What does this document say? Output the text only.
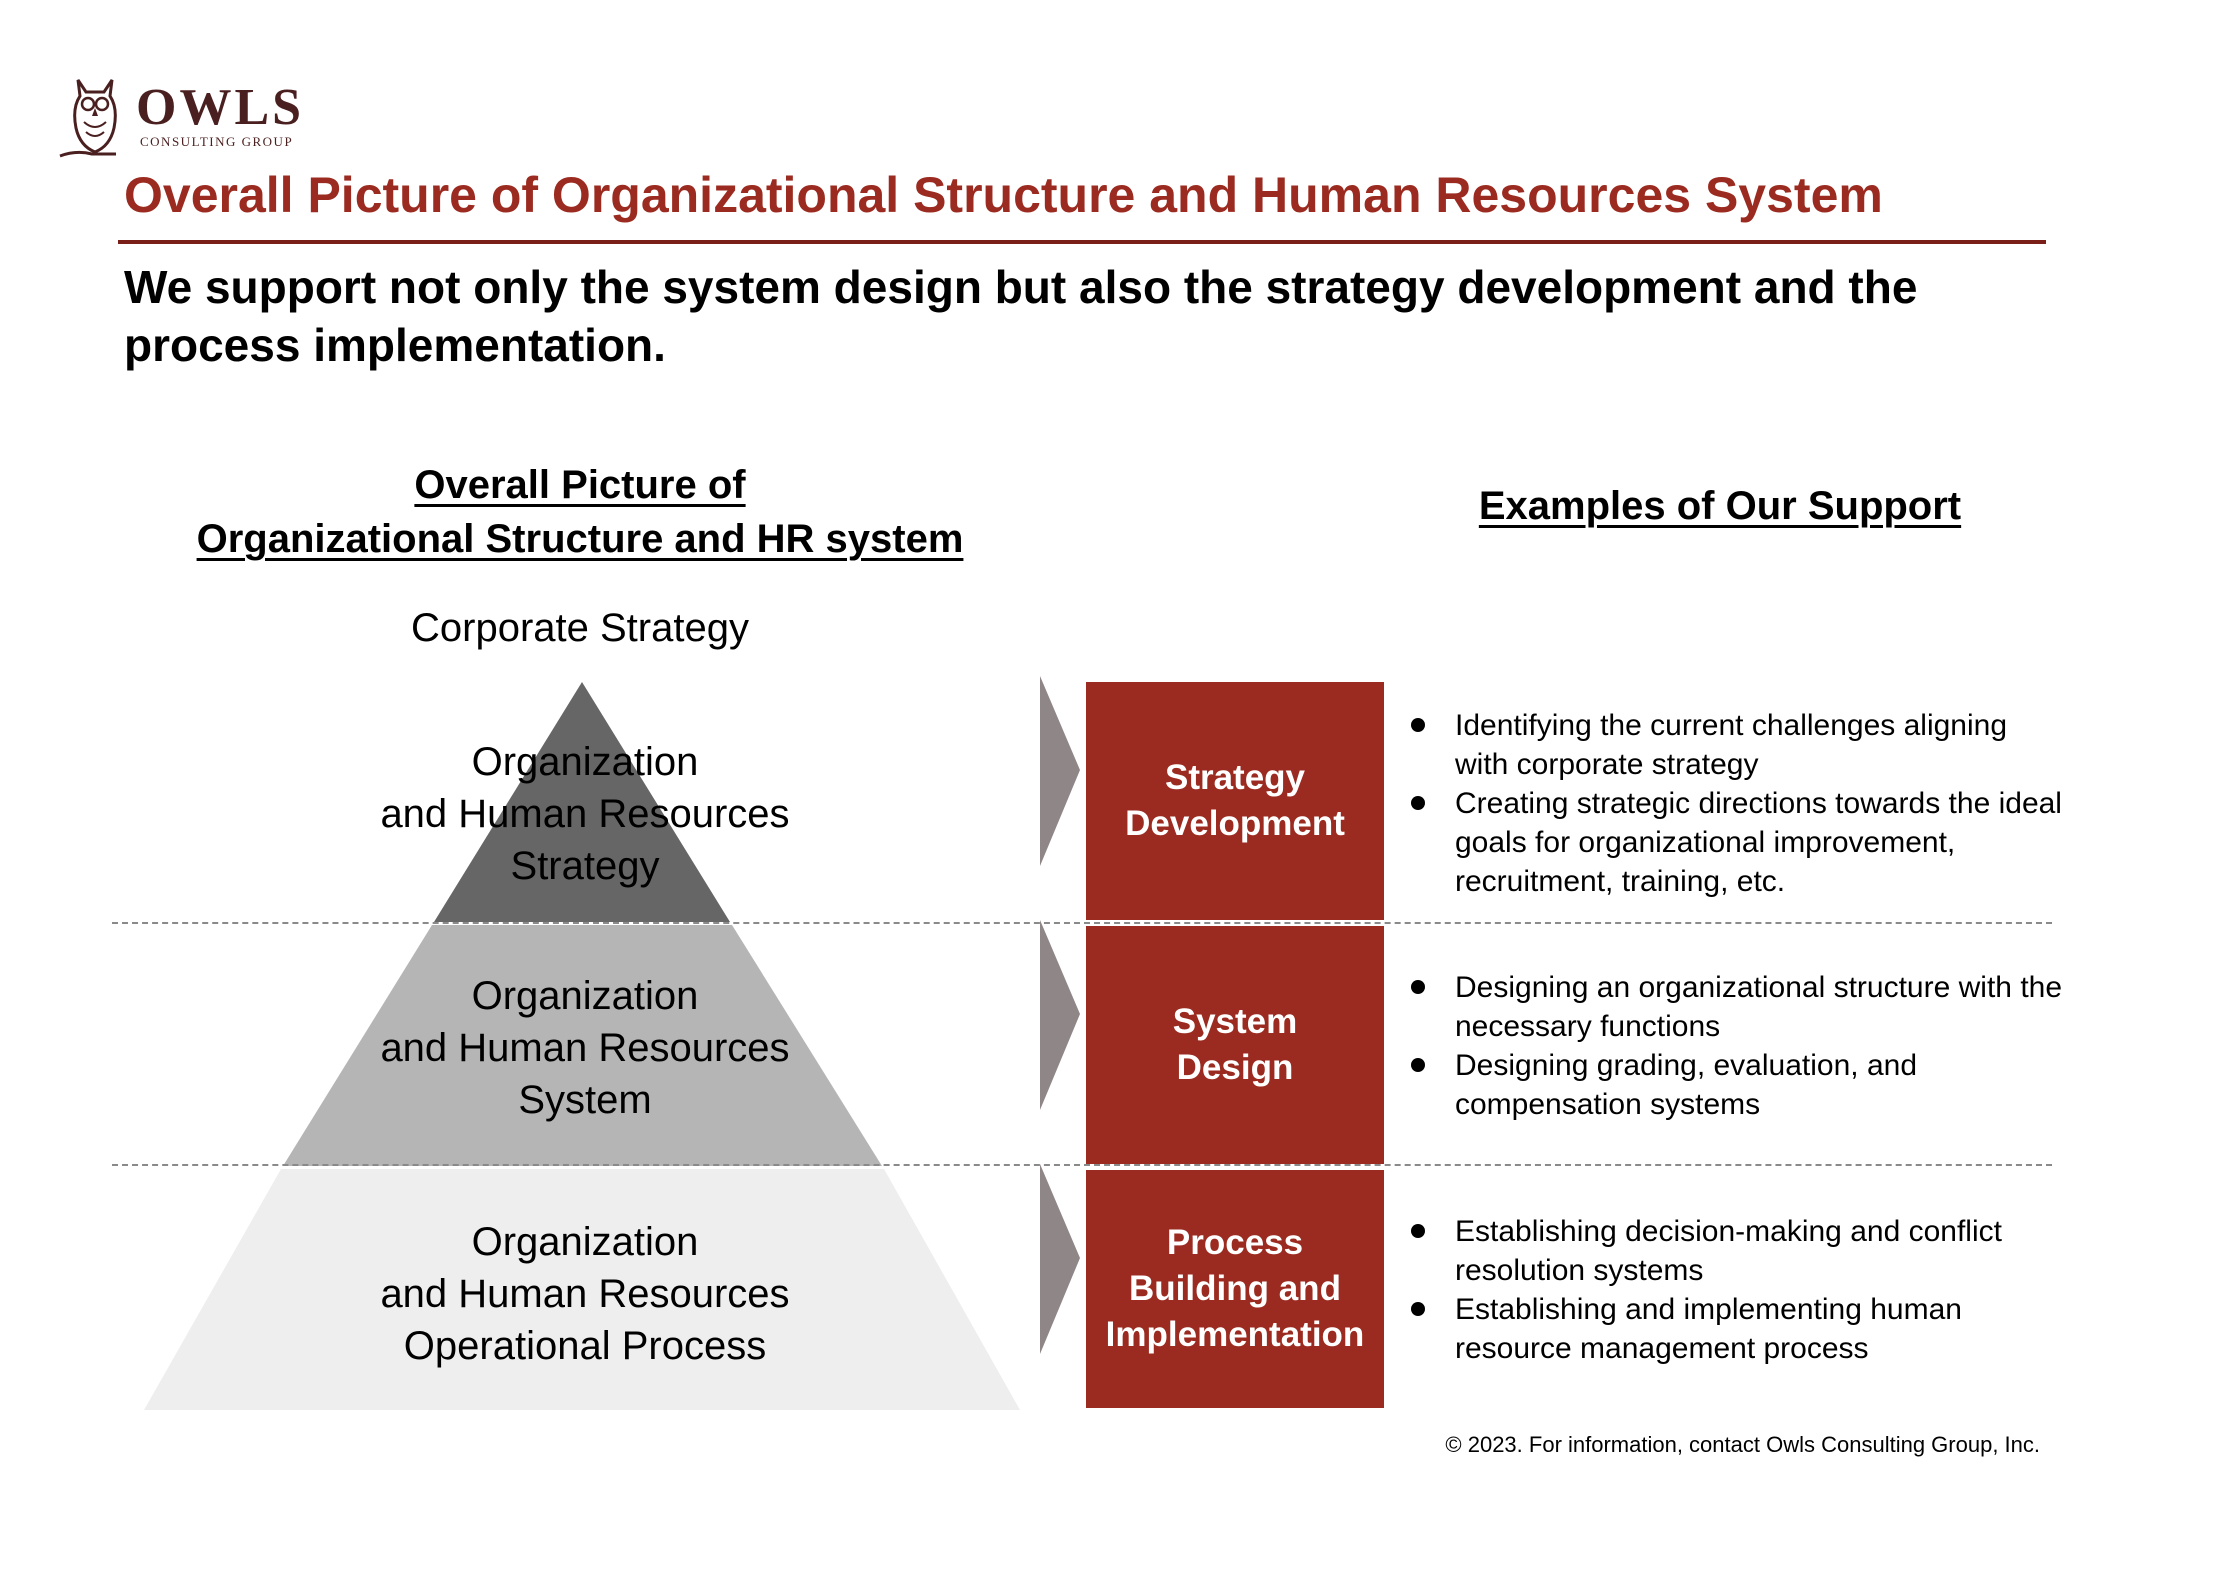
OWLS
CONSULTING GROUP
Overall Picture of Organizational Structure and Human Resources System
We support not only the system design but also the strategy development and the process implementation.
Overall Picture of
Organizational Structure and HR system
Examples of Our Support
Corporate Strategy
Organization
and Human Resources
Strategy
Organization
and Human Resources
System
Organization
and Human Resources
Operational Process
Strategy
Development
System
Design
Process
Building and
Implementation
Identifying the current challenges aligning with corporate strategy
Creating strategic directions towards the ideal goals for organizational improvement, recruitment, training, etc.
Designing an organizational structure with the necessary functions
Designing grading, evaluation, and compensation systems
Establishing decision-making and conflict resolution systems
Establishing and implementing human resource management process
© 2023. For information, contact Owls Consulting Group, Inc.
